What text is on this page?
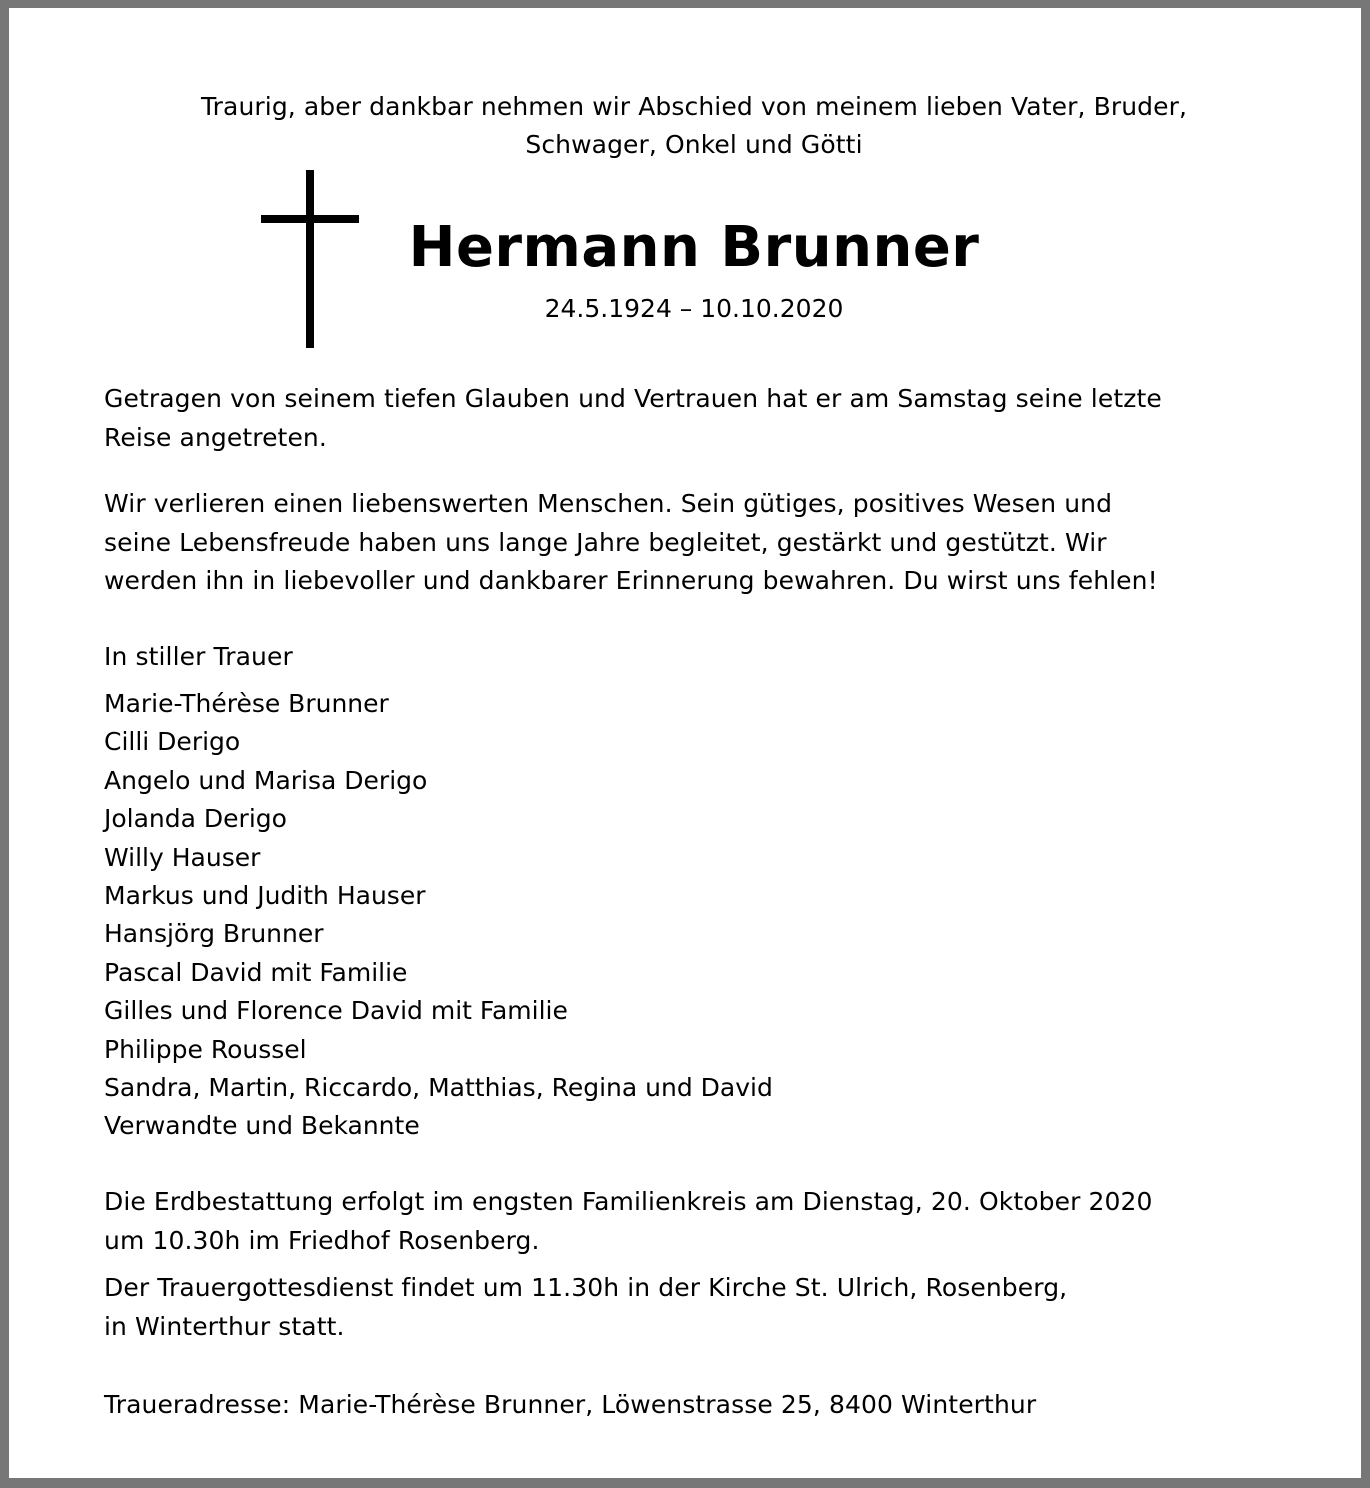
Traurig, aber dankbar nehmen wir Abschied von meinem lieben Vater, Bruder,
Schwager, Onkel und Götti
Hermann Brunner
24.5.1924 – 10.10.2020
Getragen von seinem tiefen Glauben und Vertrauen hat er am Samstag seine letzte
Reise angetreten.
Wir verlieren einen liebenswerten Menschen. Sein gütiges, positives Wesen und
seine Lebensfreude haben uns lange Jahre begleitet, gestärkt und gestützt. Wir
werden ihn in liebevoller und dankbarer Erinnerung bewahren. Du wirst uns fehlen!
In stiller Trauer
Marie-Thérèse Brunner
Cilli Derigo
Angelo und Marisa Derigo
Jolanda Derigo
Willy Hauser
Markus und Judith Hauser
Hansjörg Brunner
Pascal David mit Familie
Gilles und Florence David mit Familie
Philippe Roussel
Sandra, Martin, Riccardo, Matthias, Regina und David
Verwandte und Bekannte
Die Erdbestattung erfolgt im engsten Familienkreis am Dienstag, 20. Oktober 2020
um 10.30h im Friedhof Rosenberg.
Der Trauergottesdienst findet um 11.30h in der Kirche St. Ulrich, Rosenberg,
in Winterthur statt.
Traueradresse: Marie-Thérèse Brunner, Löwenstrasse 25, 8400 Winterthur
